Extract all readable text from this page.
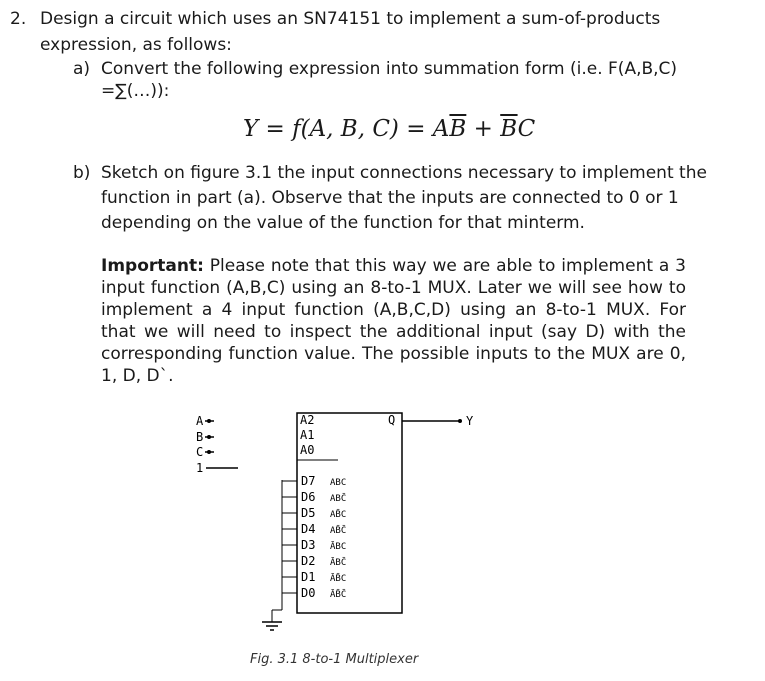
2. Design a circuit which uses an SN74151 to implement a sum-of-products
expression, as follows:
a) Convert the following expression into summation form (i.e. F(A,B,C)
=∑(…)):
Y = f(A, B, $C) = A\overline{B} + \overline{B}C$
b) Sketch on figure 3.1 the input connections necessary to implement the
function in part (a). Observe that the inputs are connected to 0 or 1
depending on the value of the function for that minterm.
Important: Please note that this way we are able to implement a 3 input function (A,B,C) using an 8-to-1 MUX. Later we will see how to implement a 4 input function (A,B,C,D) using an 8-to-1 MUX. For that we will need to inspect the additional input (say D) with the corresponding function value. The possible inputs to the MUX are 0, 1, D, D`.
A
B
C
1
A2
A1
A0
Q	Y
D7 ABC
D6 ABC̄
D5 AB̄C
D4 AB̄C̄
D3 ĀBC
D2 ĀBC̄
D1 ĀB̄C
D0 ĀB̄C̄
Fig. 3.1 8-to-1 Multiplexer
